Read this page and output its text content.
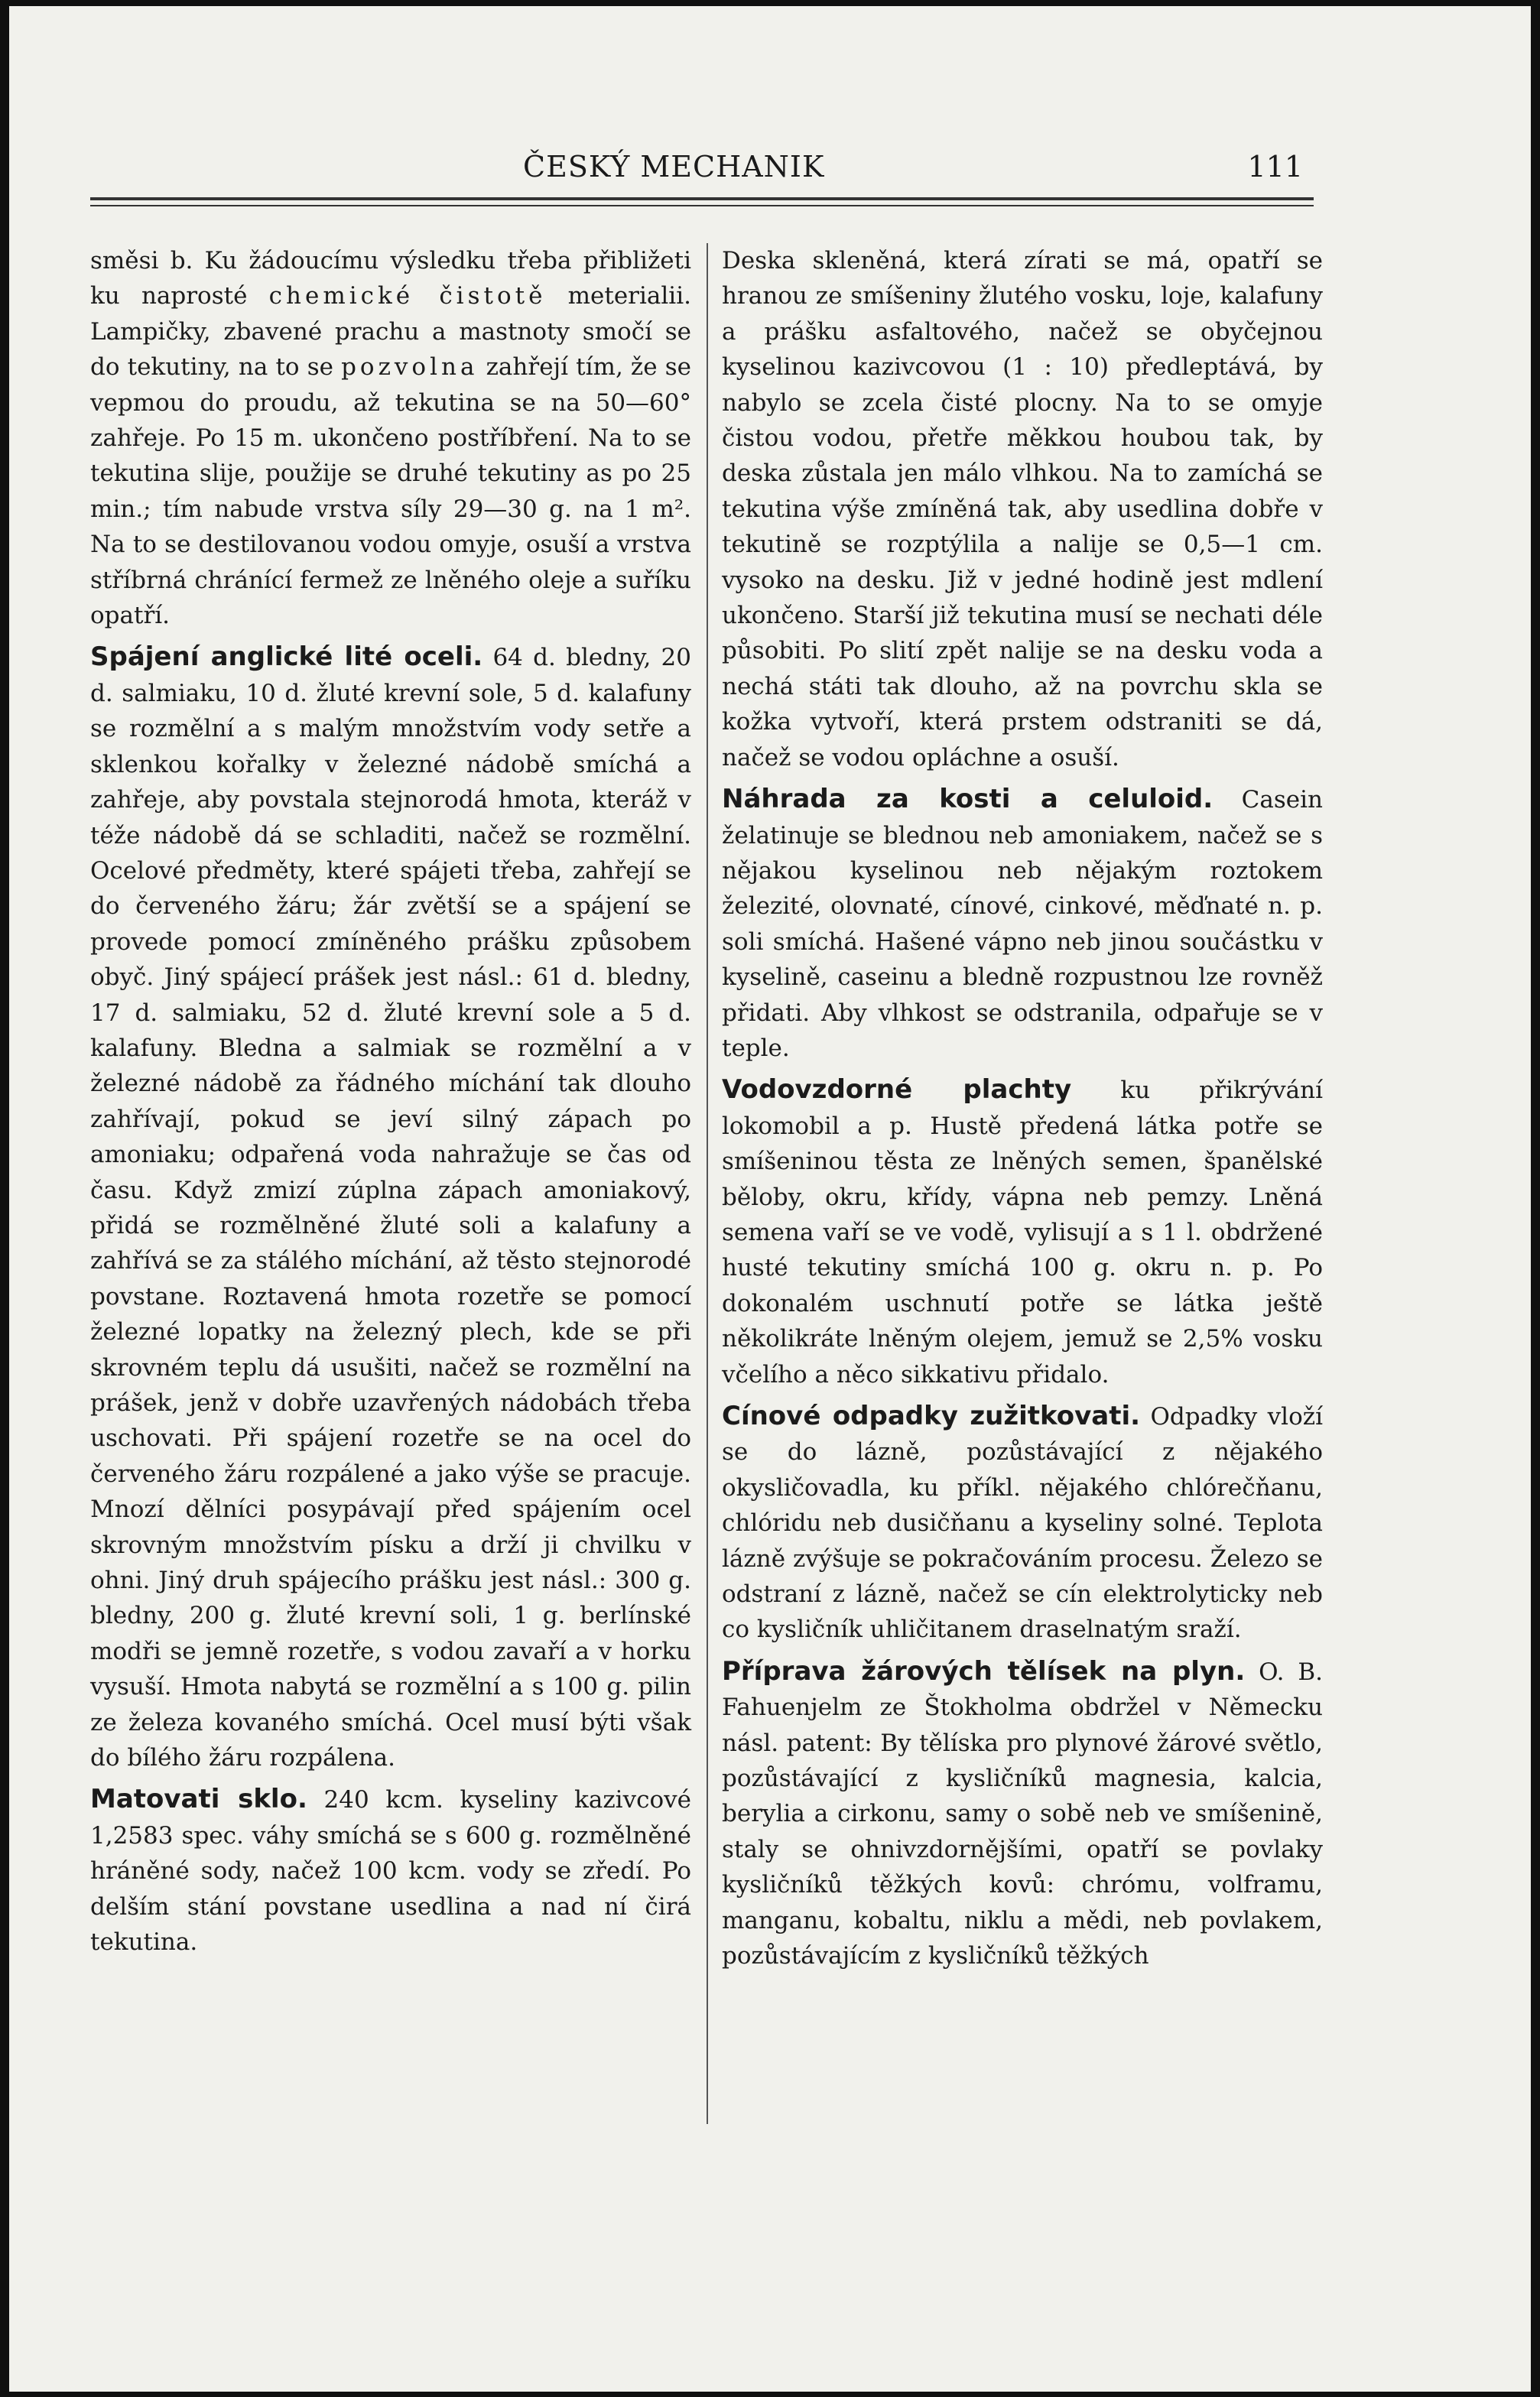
ČESKÝ MECHANIK	111

směsi b. Ku žádoucímu výsledku třeba přibližeti ku naprosté chemické čistotě meterialii. Lampičky, zbavené prachu a mastnoty smočí se do tekutiny, na to se pozvolna zahřejí tím, že se vepmou do proudu, až tekutina se na 50—60° zahřeje. Po 15 m. ukončeno postříbření. Na to se tekutina slije, použije se druhé tekutiny as po 25 min.; tím nabude vrstva síly 29—30 g. na 1 m². Na to se destilovanou vodou omyje, osuší a vrstva stříbrná chránící fermež ze lněného oleje a suříku opatří.

Spájení anglické lité oceli. 64 d. bledny, 20 d. salmiaku, 10 d. žluté krevní sole, 5 d. kalafuny se rozmělní a s malým množstvím vody setře a sklenkou kořalky v železné nádobě smíchá a zahřeje, aby povstala stejnorodá hmota, kteráž v téže nádobě dá se schladiti, načež se rozmělní. Ocelové předměty, které spájeti třeba, zahřejí se do červeného žáru; žár zvětší se a spájení se provede pomocí zmíněného prášku způsobem obyč. Jiný spájecí prášek jest násl.: 61 d. bledny, 17 d. salmiaku, 52 d. žluté krevní sole a 5 d. kalafuny. Bledna a salmiak se rozmělní a v železné nádobě za řádného míchání tak dlouho zahřívají, pokud se jeví silný zápach po amoniaku; odpařená voda nahražuje se čas od času. Když zmizí zúplna zápach amoniakový, přidá se rozmělněné žluté soli a kalafuny a zahřívá se za stálého míchání, až těsto stejnorodé povstane. Roztavená hmota rozetře se pomocí železné lopatky na železný plech, kde se při skrovném teplu dá usušiti, načež se rozmělní na prášek, jenž v dobře uzavřených nádobách třeba uschovati. Při spájení rozetře se na ocel do červeného žáru rozpálené a jako výše se pracuje. Mnozí dělníci posypávají před spájením ocel skrovným množstvím písku a drží ji chvilku v ohni. Jiný druh spájecího prášku jest násl.: 300 g. bledny, 200 g. žluté krevní soli, 1 g. berlínské modři se jemně rozetře, s vodou zavaří a v horku vysuší. Hmota nabytá se rozmělní a s 100 g. pilin ze železa kovaného smíchá. Ocel musí býti však do bílého žáru rozpálena.

Matovati sklo. 240 kcm. kyseliny kazivcové 1,2583 spec. váhy smíchá se s 600 g. rozmělněné hráněné sody, načež 100 kcm. vody se zředí. Po delším stání povstane usedlina a nad ní čirá tekutina.

Deska skleněná, která zírati se má, opatří se hranou ze smíšeniny žlutého vosku, loje, kalafuny a prášku asfaltového, načež se obyčejnou kyselinou kazivcovou (1 : 10) předleptává, by nabylo se zcela čisté plocny. Na to se omyje čistou vodou, přetře měkkou houbou tak, by deska zůstala jen málo vlhkou. Na to zamíchá se tekutina výše zmíněná tak, aby usedlina dobře v tekutině se rozptýlila a nalije se 0,5—1 cm. vysoko na desku. Již v jedné hodině jest mdlení ukončeno. Starší již tekutina musí se nechati déle působiti. Po slití zpět nalije se na desku voda a nechá státi tak dlouho, až na povrchu skla se kožka vytvoří, která prstem odstraniti se dá, načež se vodou opláchne a osuší.

Náhrada za kosti a celuloid. Casein želatinuje se blednou neb amoniakem, načež se s nějakou kyselinou neb nějakým roztokem železité, olovnaté, cínové, cinkové, měďnaté n. p. soli smíchá. Hašené vápno neb jinou součástku v kyselině, caseinu a bledně rozpustnou lze rovněž přidati. Aby vlhkost se odstranila, odpařuje se v teple.

Vodovzdorné plachty ku přikrývání lokomobil a p. Hustě předená látka potře se smíšeninou těsta ze lněných semen, španělské běloby, okru, křídy, vápna neb pemzy. Lněná semena vaří se ve vodě, vylisují a s 1 l. obdržené husté tekutiny smíchá 100 g. okru n. p. Po dokonalém uschnutí potře se látka ještě několikráte lněným olejem, jemuž se 2,5% vosku včelího a něco sikkativu přidalo.

Cínové odpadky zužitkovati. Odpadky vloží se do lázně, pozůstávající z nějakého okysličovadla, ku příkl. nějakého chlórečňanu, chlóridu neb dusičňanu a kyseliny solné. Teplota lázně zvýšuje se pokračováním procesu. Železo se odstraní z lázně, načež se cín elektrolyticky neb co kysličník uhličitanem draselnatým sraží.

Příprava žárových tělísek na plyn. O. B. Fahuenjelm ze Štokholma obdržel v Německu násl. patent: By tělíska pro plynové žárové světlo, pozůstávající z kysličníků magnesia, kalcia, berylia a cirkonu, samy o sobě neb ve smíšenině, staly se ohnivzdornějšími, opatří se povlaky kysličníků těžkých kovů: chrómu, volframu, manganu, kobaltu, niklu a mědi, neb povlakem, pozůstávajícím z kysličníků těžkých
